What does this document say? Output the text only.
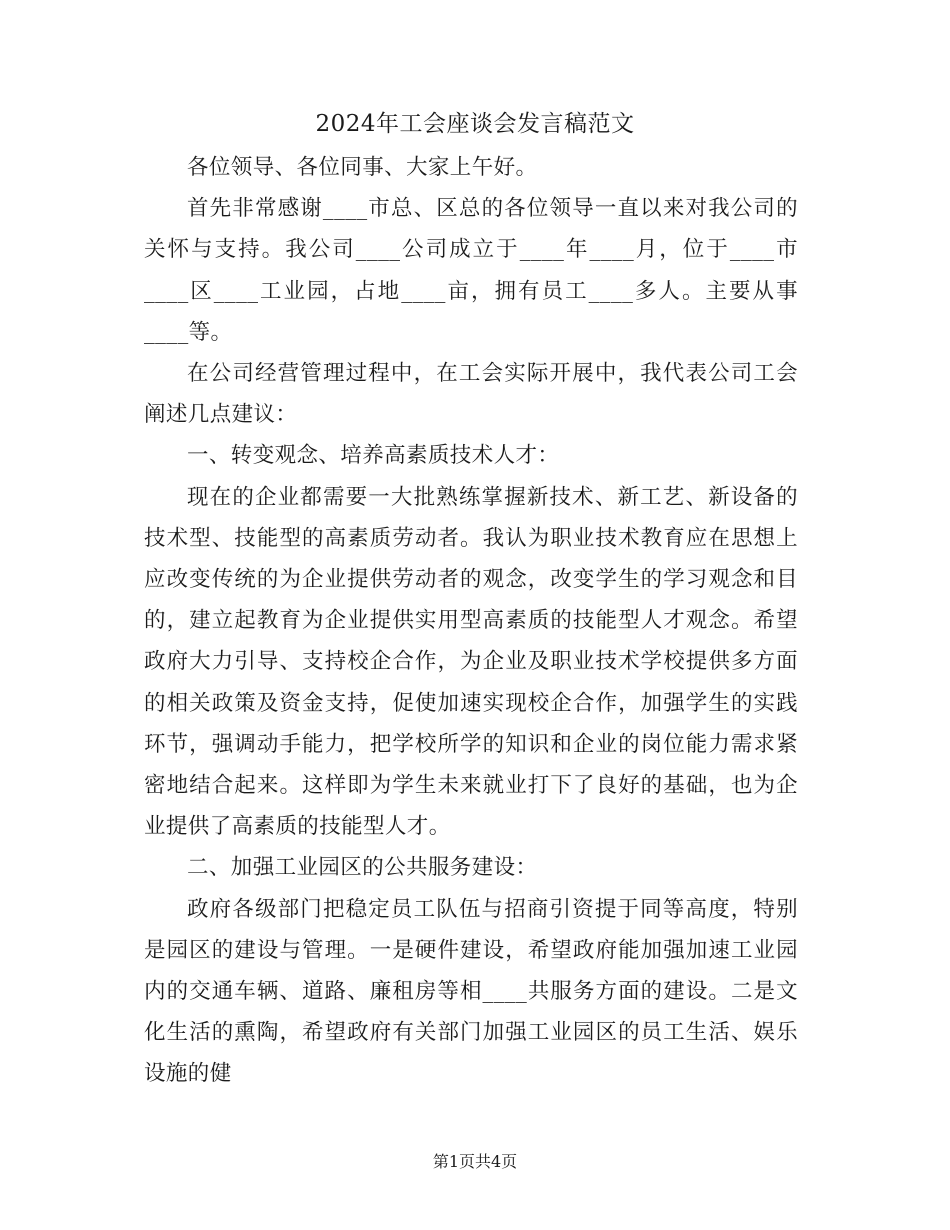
2024年工会座谈会发言稿范文

各位领导、各位同事、大家上午好。

首先非常感谢____市总、区总的各位领导一直以来对我公司的关怀与支持。我公司____公司成立于____年____月，位于____市____区____工业园，占地____亩，拥有员工____多人。主要从事____等。

在公司经营管理过程中，在工会实际开展中，我代表公司工会阐述几点建议：

一、转变观念、培养高素质技术人才：

现在的企业都需要一大批熟练掌握新技术、新工艺、新设备的技术型、技能型的高素质劳动者。我认为职业技术教育应在思想上应改变传统的为企业提供劳动者的观念，改变学生的学习观念和目的，建立起教育为企业提供实用型高素质的技能型人才观念。希望政府大力引导、支持校企合作，为企业及职业技术学校提供多方面的相关政策及资金支持，促使加速实现校企合作，加强学生的实践环节，强调动手能力，把学校所学的知识和企业的岗位能力需求紧密地结合起来。这样即为学生未来就业打下了良好的基础，也为企业提供了高素质的技能型人才。

二、加强工业园区的公共服务建设：

政府各级部门把稳定员工队伍与招商引资提于同等高度，特别是园区的建设与管理。一是硬件建设，希望政府能加强加速工业园内的交通车辆、道路、廉租房等相____共服务方面的建设。二是文化生活的熏陶，希望政府有关部门加强工业园区的员工生活、娱乐设施的健

第1页共4页
